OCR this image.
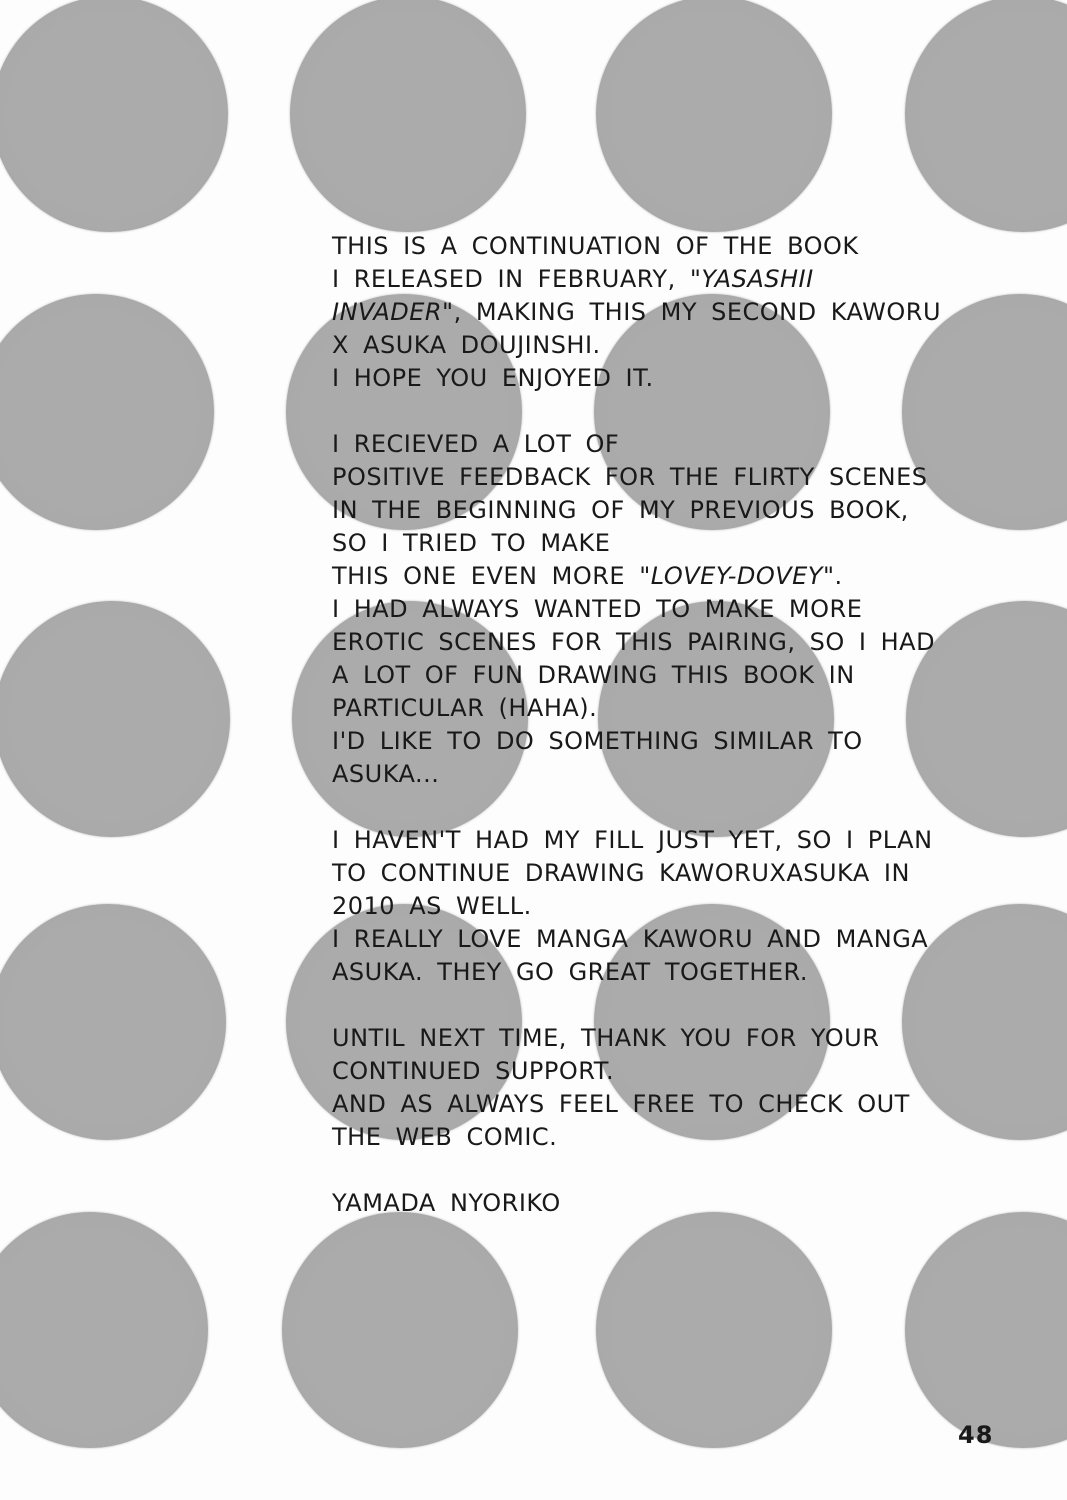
THIS IS A CONTINUATION OF THE BOOK
I RELEASED IN FEBRUARY, "YASASHII
INVADER", MAKING THIS MY SECOND KAWORU
X ASUKA DOUJINSHI.
I HOPE YOU ENJOYED IT.

I RECIEVED A LOT OF
POSITIVE FEEDBACK FOR THE FLIRTY SCENES
IN THE BEGINNING OF MY PREVIOUS BOOK,
SO I TRIED TO MAKE
THIS ONE EVEN MORE "LOVEY-DOVEY".
I HAD ALWAYS WANTED TO MAKE MORE
EROTIC SCENES FOR THIS PAIRING, SO I HAD
A LOT OF FUN DRAWING THIS BOOK IN
PARTICULAR (HAHA).
I'D LIKE TO DO SOMETHING SIMILAR TO
ASUKA...

I HAVEN'T HAD MY FILL JUST YET, SO I PLAN
TO CONTINUE DRAWING KAWORUXASUKA IN
2010 AS WELL.
I REALLY LOVE MANGA KAWORU AND MANGA
ASUKA. THEY GO GREAT TOGETHER.

UNTIL NEXT TIME, THANK YOU FOR YOUR
CONTINUED SUPPORT.
AND AS ALWAYS FEEL FREE TO CHECK OUT
THE WEB COMIC.

YAMADA NYORIKO
48
